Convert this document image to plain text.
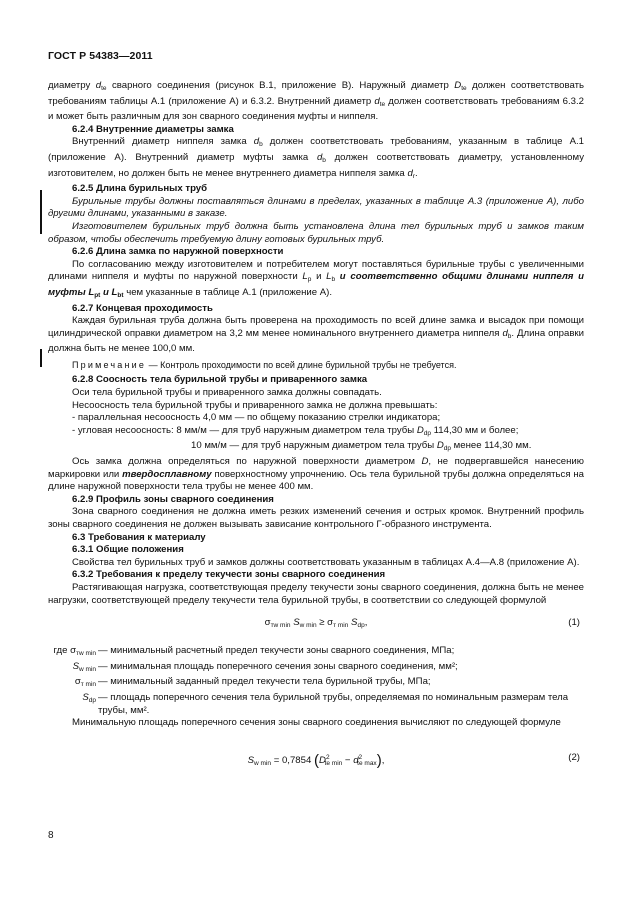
ГОСТ Р 54383—2011

диаметру $d_{te}$ сварного соединения (рисунок В.1, приложение В). Наружный диаметр $D_{te}$ должен соответствовать требованиям таблицы А.1 (приложение А) и 6.3.2. Внутренний диаметр $d_{te}$ должен соответствовать требованиям 6.3.2 и может быть различным для зон сварного соединения муфты и ниппеля.

6.2.4 Внутренние диаметры замка

Внутренний диаметр ниппеля замка $d_b$ должен соответствовать требованиям, указанным в таблице А.1 (приложение А). Внутренний диаметр муфты замка $d_b$ должен соответствовать диаметру, установленному изготовителем, но должен быть не менее внутреннего диаметра ниппеля замка $d_r$.

6.2.5 Длина бурильных труб

Бурильные трубы должны поставляться длинами в пределах, указанных в таблице А.3 (приложение А), либо другими длинами, указанными в заказе.

Изготовителем бурильных труб должна быть установлена длина тел бурильных труб и замков таким образом, чтобы обеспечить требуемую длину готовых бурильных труб.

6.2.6 Длина замка по наружной поверхности

По согласованию между изготовителем и потребителем могут поставляться бурильные трубы с увеличенными длинами ниппеля и муфты по наружной поверхности $L_p$ и $L_b$ и соответственно общими длинами ниппеля и муфты $L_{pt}$ и $L_{bt}$ чем указанные в таблице А.1 (приложение А).

6.2.7 Концевая проходимость

Каждая бурильная труба должна быть проверена на проходимость по всей длине замка и высадок при помощи цилиндрической оправки диаметром на 3,2 мм менее номинального внутреннего диаметра ниппеля $d_b$. Длина оправки должна быть не менее 100,0 мм.

Примечание — Контроль проходимости по всей длине бурильной трубы не требуется.

6.2.8 Соосность тела бурильной трубы и приваренного замка

Оси тела бурильной трубы и приваренного замка должны совпадать.

Несоосность тела бурильной трубы и приваренного замка не должна превышать:

- параллельная несоосность 4,0 мм — по общему показанию стрелки индикатора;

- угловая несоосность: 8 мм/м — для труб наружным диаметром тела трубы $D_{dp}$ 114,30 мм и более;

10 мм/м — для труб наружным диаметром тела трубы $D_{dp}$ менее 114,30 мм.

Ось замка должна определяться по наружной поверхности диаметром D, не подвергавшейся нанесению маркировки или твердосплавному поверхностному упрочнению. Ось тела бурильной трубы должна определяться на длине наружной поверхности тела трубы не менее 400 мм.

6.2.9 Профиль зоны сварного соединения

Зона сварного соединения не должна иметь резких изменений сечения и острых кромок. Внутренний профиль зоны сварного соединения не должен вызывать зависание контрольного Г-образного инструмента.

6.3 Требования к материалу

6.3.1 Общие положения

Свойства тел бурильных труб и замков должны соответствовать указанным в таблицах А.4—А.8 (приложение А).

6.3.2 Требования к пределу текучести зоны сварного соединения

Растягивающая нагрузка, соответствующая пределу текучести зоны сварного соединения, должна быть не менее нагрузки, соответствующей пределу текучести тела бурильной трубы, в соответствии со следующей формулой

$\sigma_{тw min}$ $S_{w min} \ge \sigma_{т min}$ $S_{dp}$,	(1)
где $\sigma_{тw min}$ — минимальный расчетный предел текучести зоны сварного соединения, МПа;
$S_{w min}$ — минимальная площадь поперечного сечения зоны сварного соединения, мм²;
$\sigma_{т min}$ — минимальный заданный предел текучести тела бурильной трубы, МПа;
$S_{dp}$ — площадь поперечного сечения тела бурильной трубы, определяемая по номинальным размерам тела трубы, мм².

Минимальную площадь поперечного сечения зоны сварного соединения вычисляют по следующей формуле

$S_{w min} = 0,7854$ $(D^2_{te min} - d^2_{te max})$,	(2)
8
